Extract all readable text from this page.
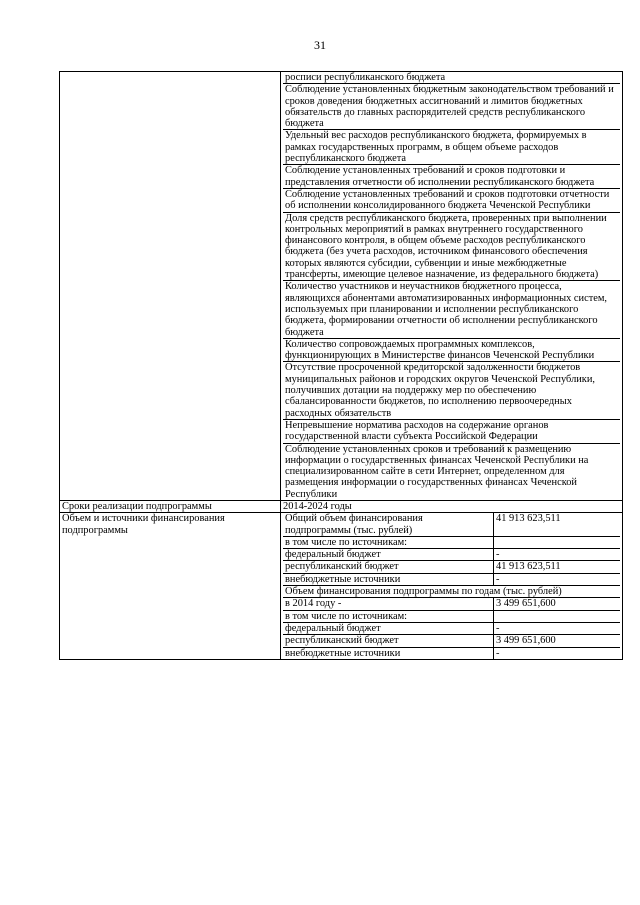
31

росписи республиканского бюджета
Соблюдение установленных бюджетным законодательством требований и сроков доведения бюджетных ассигнований и лимитов бюджетных обязательств до главных распорядителей средств республиканского бюджета
Удельный вес расходов республиканского бюджета, формируемых в рамках государственных программ, в общем объеме расходов республиканского бюджета
Соблюдение установленных требований и сроков подготовки и представления отчетности об исполнении республиканского бюджета
Соблюдение установленных требований и сроков подготовки отчетности об исполнении консолидированного бюджета Чеченской Республики
Доля средств республиканского бюджета, проверенных при выполнении контрольных мероприятий в рамках внутреннего государственного финансового контроля, в общем объеме расходов республиканского бюджета (без учета расходов, источником финансового обеспечения которых являются субсидии, субвенции и иные межбюджетные трансферты, имеющие целевое назначение, из федерального бюджета)
Количество участников и неучастников бюджетного процесса, являющихся абонентами автоматизированных информационных систем, используемых при планировании и исполнении республиканского бюджета, формировании отчетности об исполнении республиканского бюджета
Количество сопровождаемых программных комплексов, функционирующих в Министерстве финансов Чеченской Республики
Отсутствие просроченной кредиторской задолженности бюджетов муниципальных районов и городских округов Чеченской Республики, получивших дотации на поддержку мер по обеспечению сбалансированности бюджетов, по исполнению первоочередных расходных обязательств
Непревышение норматива расходов на содержание органов государственной власти субъекта Российской Федерации
Соблюдение установленных сроков и требований к размещению информации о государственных финансах Чеченской Республики на специализированном сайте в сети Интернет, определенном для размещения информации о государственных финансах Чеченской Республики

Сроки реализации подпрограммы	2014-2024 годы
Объем и источники финансирования подпрограммы	
Общий объем финансирования подпрограммы (тыс. рублей)	41 913 623,511
в том числе по источникам:	
федеральный бюджет	-
республиканский бюджет	41 913 623,511
внебюджетные источники	-
Объем финансирования подпрограммы по годам (тыс. рублей)
в 2014 году -	3 499 651,600
в том числе по источникам:	
федеральный бюджет	-
республиканский бюджет	3 499 651,600
внебюджетные источники	-
